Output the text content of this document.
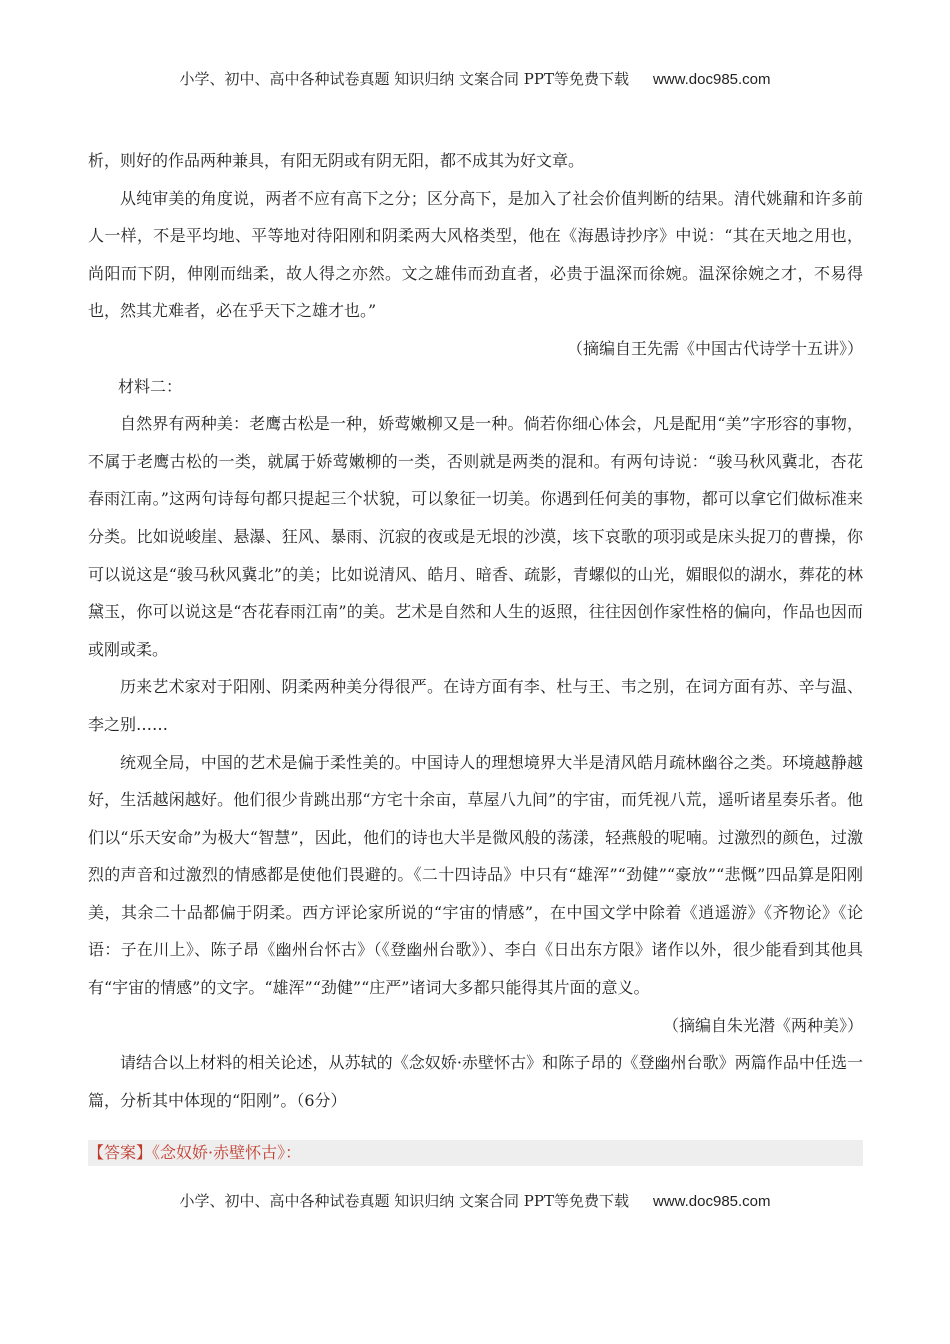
小学、初中、高中各种试卷真题 知识归纳 文案合同 PPT等免费下载 www.doc985.com

析，则好的作品两种兼具，有阳无阴或有阴无阳，都不成其为好文章。

从纯审美的角度说，两者不应有高下之分；区分高下，是加入了社会价值判断的结果。清代姚鼐和许多前人一样，不是平均地、平等地对待阳刚和阴柔两大风格类型，他在《海愚诗抄序》中说：“其在天地之用也，尚阳而下阴，伸刚而绌柔，故人得之亦然。文之雄伟而劲直者，必贵于温深而徐婉。温深徐婉之才，不易得也，然其尤难者，必在乎天下之雄才也。”

（摘编自王先需《中国古代诗学十五讲》）

材料二：

自然界有两种美：老鹰古松是一种，娇莺嫩柳又是一种。倘若你细心体会，凡是配用“美”字形容的事物，不属于老鹰古松的一类，就属于娇莺嫩柳的一类，否则就是两类的混和。有两句诗说：“骏马秋风冀北，杏花春雨江南。”这两句诗每句都只提起三个状貌，可以象征一切美。你遇到任何美的事物，都可以拿它们做标准来分类。比如说峻崖、悬瀑、狂风、暴雨、沉寂的夜或是无垠的沙漠，垓下哀歌的项羽或是床头捉刀的曹操，你可以说这是“骏马秋风冀北”的美；比如说清风、皓月、暗香、疏影，青螺似的山光，媚眼似的湖水，葬花的林黛玉，你可以说这是“杏花春雨江南”的美。艺术是自然和人生的返照，往往因创作家性格的偏向，作品也因而或刚或柔。

历来艺术家对于阳刚、阴柔两种美分得很严。在诗方面有李、杜与王、韦之别，在词方面有苏、辛与温、李之别……

统观全局，中国的艺术是偏于柔性美的。中国诗人的理想境界大半是清风皓月疏林幽谷之类。环境越静越好，生活越闲越好。他们很少肯跳出那“方宅十余亩，草屋八九间”的宇宙，而凭视八荒，遥听诸星奏乐者。他们以“乐天安命”为极大“智慧”，因此，他们的诗也大半是微风般的荡漾，轻燕般的呢喃。过激烈的颜色，过激烈的声音和过激烈的情感都是使他们畏避的。《二十四诗品》中只有“雄浑”“劲健”“豪放”“悲慨”四品算是阳刚美，其余二十品都偏于阴柔。西方评论家所说的“宇宙的情感”，在中国文学中除着《逍遥游》《齐物论》《论语：子在川上》、陈子昂《幽州台怀古》（《登幽州台歌》）、李白《日出东方限》诸作以外，很少能看到其他具有“宇宙的情感”的文字。“雄浑”“劲健”“庄严”诸词大多都只能得其片面的意义。

（摘编自朱光潜《两种美》）

请结合以上材料的相关论述，从苏轼的《念奴娇·赤壁怀古》和陈子昂的《登幽州台歌》两篇作品中任选一篇，分析其中体现的“阳刚”。（6分）

【答案】《念奴娇·赤壁怀古》：
小学、初中、高中各种试卷真题 知识归纳 文案合同 PPT等免费下载 www.doc985.com
